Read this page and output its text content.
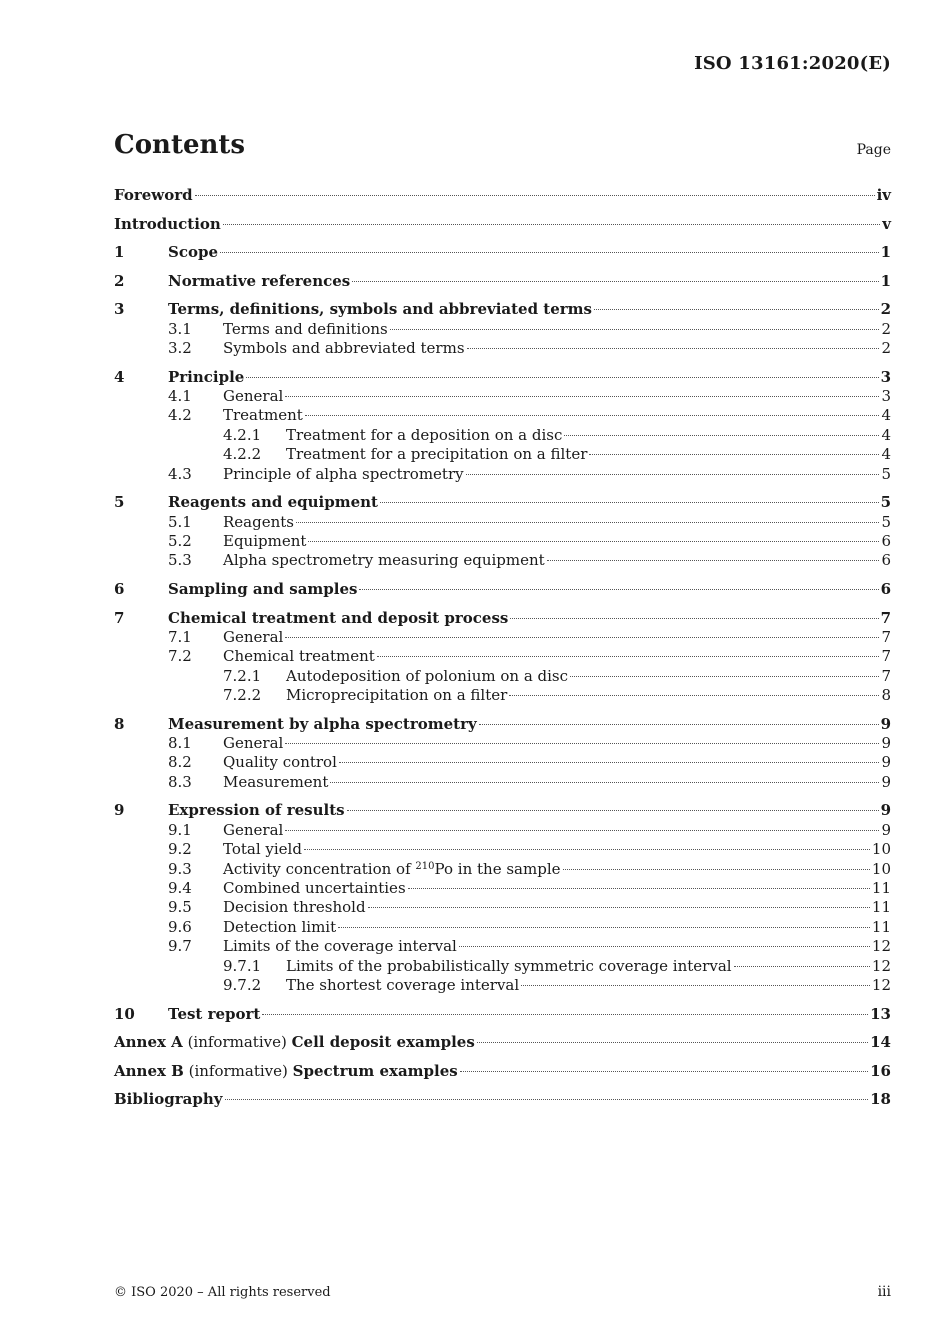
ISO 13161:2020(E)
Contents	Page
Foreword	iv
Introduction	v
1	Scope	1
2	Normative references	1
3	Terms, definitions, symbols and abbreviated terms	2
3.1	Terms and definitions	2
3.2	Symbols and abbreviated terms	2
4	Principle	3
4.1	General	3
4.2	Treatment	4
4.2.1	Treatment for a deposition on a disc	4
4.2.2	Treatment for a precipitation on a filter	4
4.3	Principle of alpha spectrometry	5
5	Reagents and equipment	5
5.1	Reagents	5
5.2	Equipment	6
5.3	Alpha spectrometry measuring equipment	6
6	Sampling and samples	6
7	Chemical treatment and deposit process	7
7.1	General	7
7.2	Chemical treatment	7
7.2.1	Autodeposition of polonium on a disc	7
7.2.2	Microprecipitation on a filter	8
8	Measurement by alpha spectrometry	9
8.1	General	9
8.2	Quality control	9
8.3	Measurement	9
9	Expression of results	9
9.1	General	9
9.2	Total yield	10
9.3	Activity concentration of $^{210}$Po in the sample	10
9.4	Combined uncertainties	11
9.5	Decision threshold	11
9.6	Detection limit	11
9.7	Limits of the coverage interval	12
9.7.1	Limits of the probabilistically symmetric coverage interval	12
9.7.2	The shortest coverage interval	12
10	Test report	13
Annex A (informative) Cell deposit examples	14
Annex B (informative) Spectrum examples	16
Bibliography	18
© ISO 2020 – All rights reserved	iii
